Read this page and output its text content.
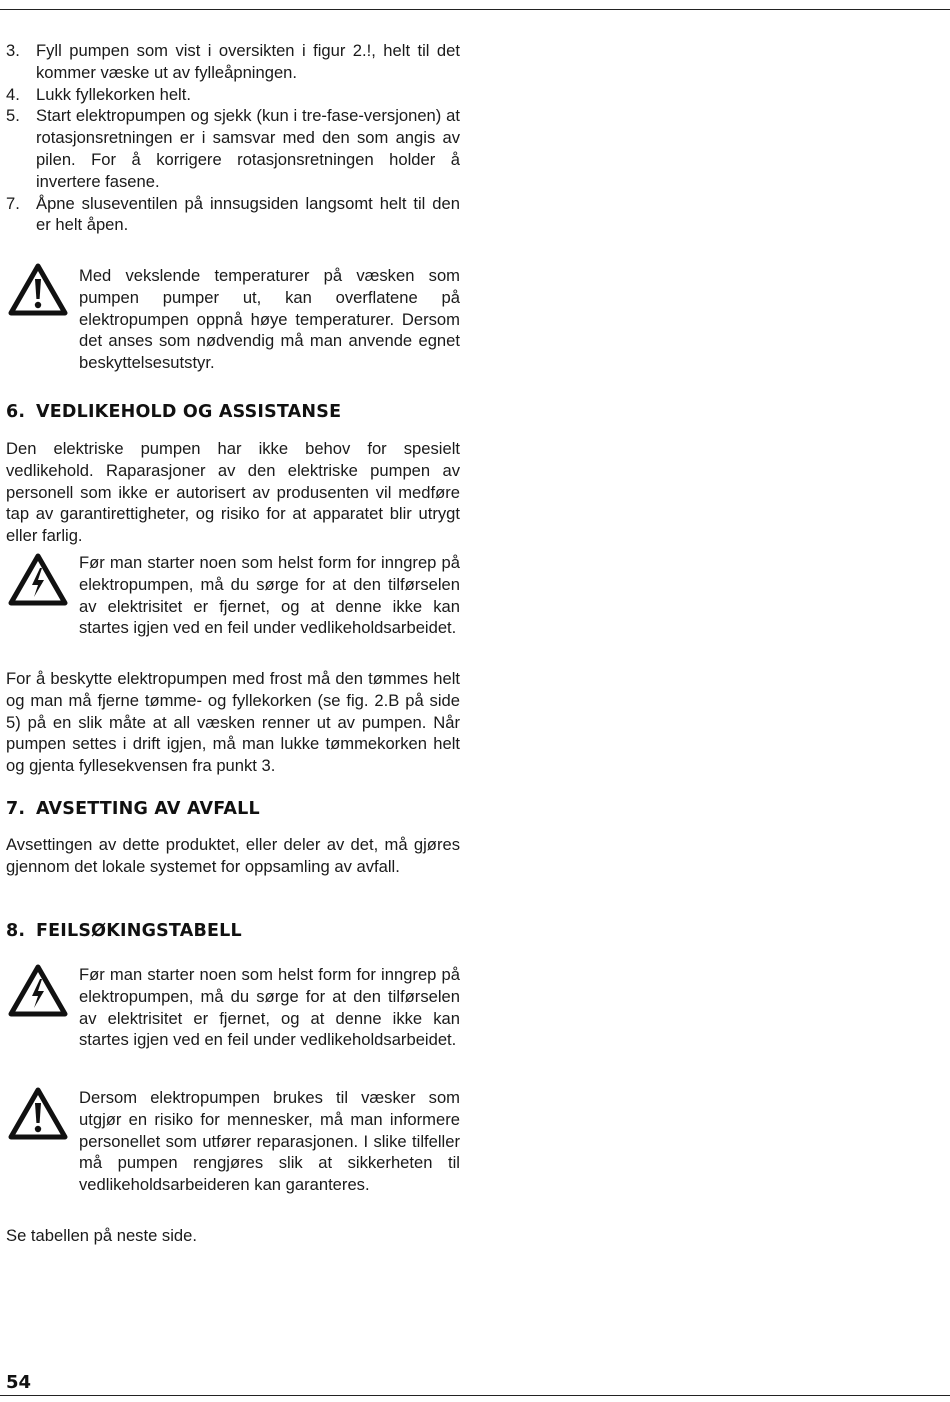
3. Fyll pumpen som vist i oversikten i figur 2.!, helt til det kommer væske ut av fylleåpningen.
4. Lukk fyllekorken helt.
5. Start elektropumpen og sjekk (kun i tre-fase-versjonen) at rotasjonsretningen er i samsvar med den som angis av pilen. For å korrigere rotasjonsretningen holder å invertere fasene.
7. Åpne sluseventilen på innsugsiden langsomt helt til den er helt åpen.

Med vekslende temperaturer på væsken som pumpen pumper ut, kan overflatene på elektropumpen oppnå høye temperaturer. Dersom det anses som nødvendig må man anvende egnet beskyttelsesutstyr.

6. VEDLIKEHOLD OG ASSISTANSE

Den elektriske pumpen har ikke behov for spesielt vedlikehold. Raparasjoner av den elektriske pumpen av personell som ikke er autorisert av produsenten vil medføre tap av garantirettigheter, og risiko for at apparatet blir utrygt eller farlig.

Før man starter noen som helst form for inngrep på elektropumpen, må du sørge for at den tilførselen av elektrisitet er fjernet, og at denne ikke kan startes igjen ved en feil under vedlikeholdsarbeidet.

For å beskytte elektropumpen med frost må den tømmes helt og man må fjerne tømme- og fyllekorken (se fig. 2.B på side 5) på en slik måte at all væsken renner ut av pumpen. Når pumpen settes i drift igjen, må man lukke tømmekorken helt og gjenta fyllesekvensen fra punkt 3.

7. AVSETTING AV AVFALL

Avsettingen av dette produktet, eller deler av det, må gjøres gjennom det lokale systemet for oppsamling av avfall.

8. FEILSØKINGSTABELL

Før man starter noen som helst form for inngrep på elektropumpen, må du sørge for at den tilførselen av elektrisitet er fjernet, og at denne ikke kan startes igjen ved en feil under vedlikeholdsarbeidet.

Dersom elektropumpen brukes til væsker som utgjør en risiko for mennesker, må man informere personellet som utfører reparasjonen. I slike tilfeller må pumpen rengjøres slik at sikkerheten til vedlikeholdsarbeideren kan garanteres.

Se tabellen på neste side.

54
